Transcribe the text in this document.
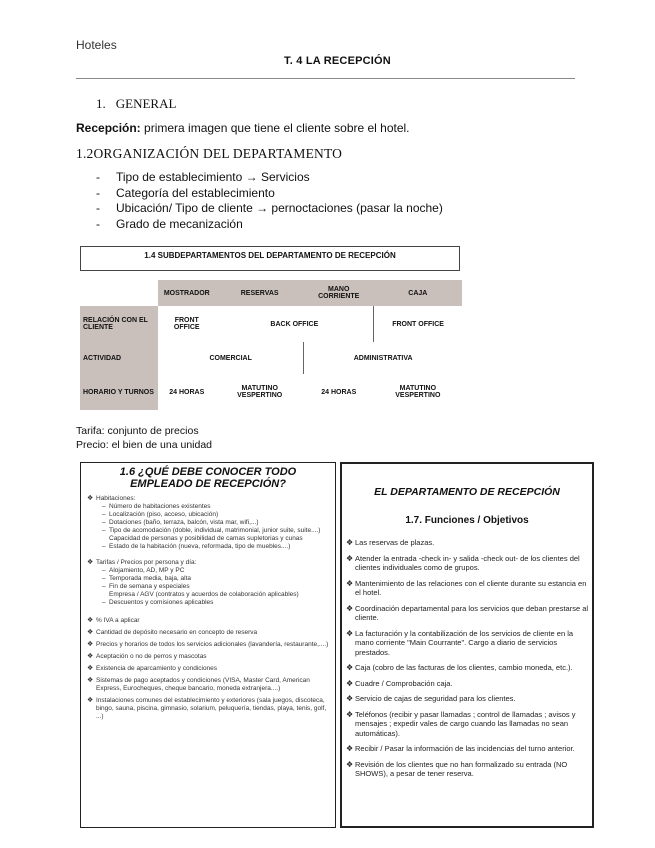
Hoteles
T. 4 LA RECEPCIÓN
1. GENERAL
Recepción: primera imagen que tiene el cliente sobre el hotel.
1.2ORGANIZACIÓN DEL DEPARTAMENTO
- Tipo de establecimiento → Servicios
- Categoría del establecimiento
- Ubicación/ Tipo de cliente → pernoctaciones (pasar la noche)
- Grado de mecanización
1.4 SUBDEPARTAMENTOS DEL DEPARTAMENTO DE RECEPCIÓN
	MOSTRADOR	RESERVAS	MANO CORRIENTE	CAJA
RELACIÓN CON EL CLIENTE	FRONT OFFICE	BACK OFFICE		FRONT OFFICE
ACTIVIDAD	COMERCIAL		ADMINISTRATIVA	
HORARIO Y TURNOS	24 HORAS	MATUTINO VESPERTINO	24 HORAS	MATUTINO VESPERTINO
Tarifa: conjunto de precios
Precio: el bien de una unidad
1.6 ¿QUÉ DEBE CONOCER TODO
EMPLEADO DE RECEPCIÓN?
❖ Habitaciones:
– Número de habitaciones existentes
– Localización (piso, acceso, ubicación)
– Dotaciones (baño, terraza, balcón, vista mar, wifi,...)
– Tipo de acomodación (doble, individual, matrimonial, junior suite, suite....)
Capacidad de personas y posibilidad de camas supletorias y cunas
– Estado de la habitación (nueva, reformada, tipo de muebles....)
❖ Tarifas / Precios por persona y día:
– Alojamiento, AD, MP y PC
– Temporada media, baja, alta
– Fin de semana y especiales
Empresa / AGV (contratos y acuerdos de colaboración aplicables)
– Descuentos y comisiones aplicables
❖ % IVA a aplicar
❖ Cantidad de depósito necesario en concepto de reserva
❖ Precios y horarios de todos los servicios adicionales (lavandería, restaurante,....)
❖ Aceptación o no de perros y mascotas
❖ Existencia de aparcamiento y condiciones
❖ Sistemas de pago aceptados y condiciones (VISA, Master Card, American Express, Eurocheques, cheque bancario, moneda extranjera....)
❖ Instalaciones comunes del establecimiento y exteriores (sala juegos, discoteca, bingo, sauna, piscina, gimnasio, solarium, peluquería, tiendas, playa, tenis, golf, ...)
EL DEPARTAMENTO DE RECEPCIÓN
1.7. Funciones / Objetivos
❖ Las reservas de plazas.
❖ Atender la entrada -check in- y salida -check out- de los clientes del clientes individuales como de grupos.
❖ Mantenimiento de las relaciones con el cliente durante su estancia en el hotel.
❖ Coordinación departamental para los servicios que deban prestarse al cliente.
❖ La facturación y la contabilización de los servicios de cliente en la mano corriente "Main Courrante". Cargo a diario de servicios prestados.
❖ Caja (cobro de las facturas de los clientes, cambio moneda, etc.).
❖ Cuadre / Comprobación caja.
❖ Servicio de cajas de seguridad para los clientes.
❖ Teléfonos (recibir y pasar llamadas ; control de llamadas ; avisos y mensajes ; expedir vales de cargo cuando las llamadas no sean automáticas).
❖ Recibir / Pasar la información de las incidencias del turno anterior.
❖ Revisión de los clientes que no han formalizado su entrada (NO SHOWS), a pesar de tener reserva.
